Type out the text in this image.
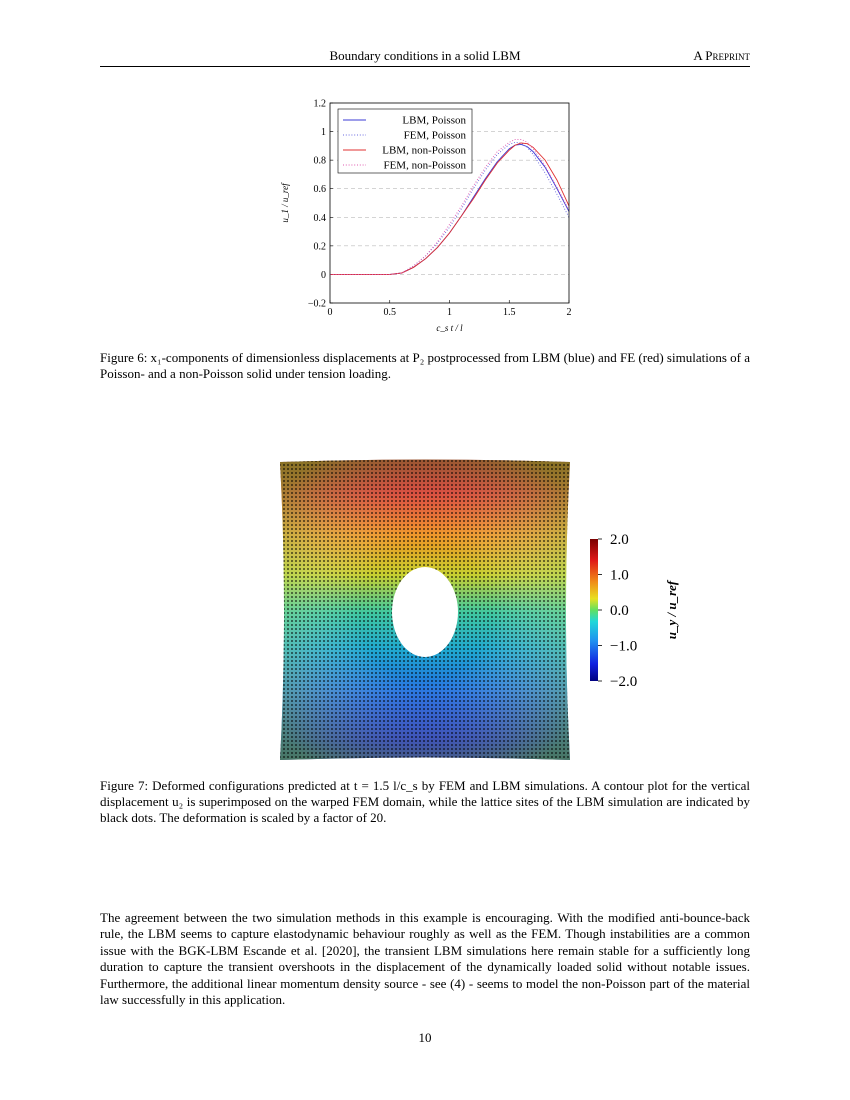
Boundary conditions in a solid LBM	A Preprint
−0.2
0
0.2
0.4
0.6
0.8
1
1.2
0	0.5	1	1.5	2
LBM, Poisson
FEM, Poisson
LBM, non-Poisson
FEM, non-Poisson
u_1 / u_ref
c_s t / l
Figure 6: x₁-components of dimensionless displacements at P₂ postprocessed from LBM (blue) and FE (red) simulations of a Poisson- and a non-Poisson solid under tension loading.
2.0
1.0
0.0
−1.0
−2.0
u_y / u_ref
Figure 7: Deformed configurations predicted at t = 1.5 l/c_s by FEM and LBM simulations. A contour plot for the vertical displacement u₂ is superimposed on the warped FEM domain, while the lattice sites of the LBM simulation are indicated by black dots. The deformation is scaled by a factor of 20.
The agreement between the two simulation methods in this example is encouraging. With the modified anti-bounce-back rule, the LBM seems to capture elastodynamic behaviour roughly as well as the FEM. Though instabilities are a common issue with the BGK-LBM Escande et al. [2020], the transient LBM simulations here remain stable for a sufficiently long duration to capture the transient overshoots in the displacement of the dynamically loaded solid without notable issues. Furthermore, the additional linear momentum density source - see (4) - seems to model the non-Poisson part of the material law successfully in this application.
10
